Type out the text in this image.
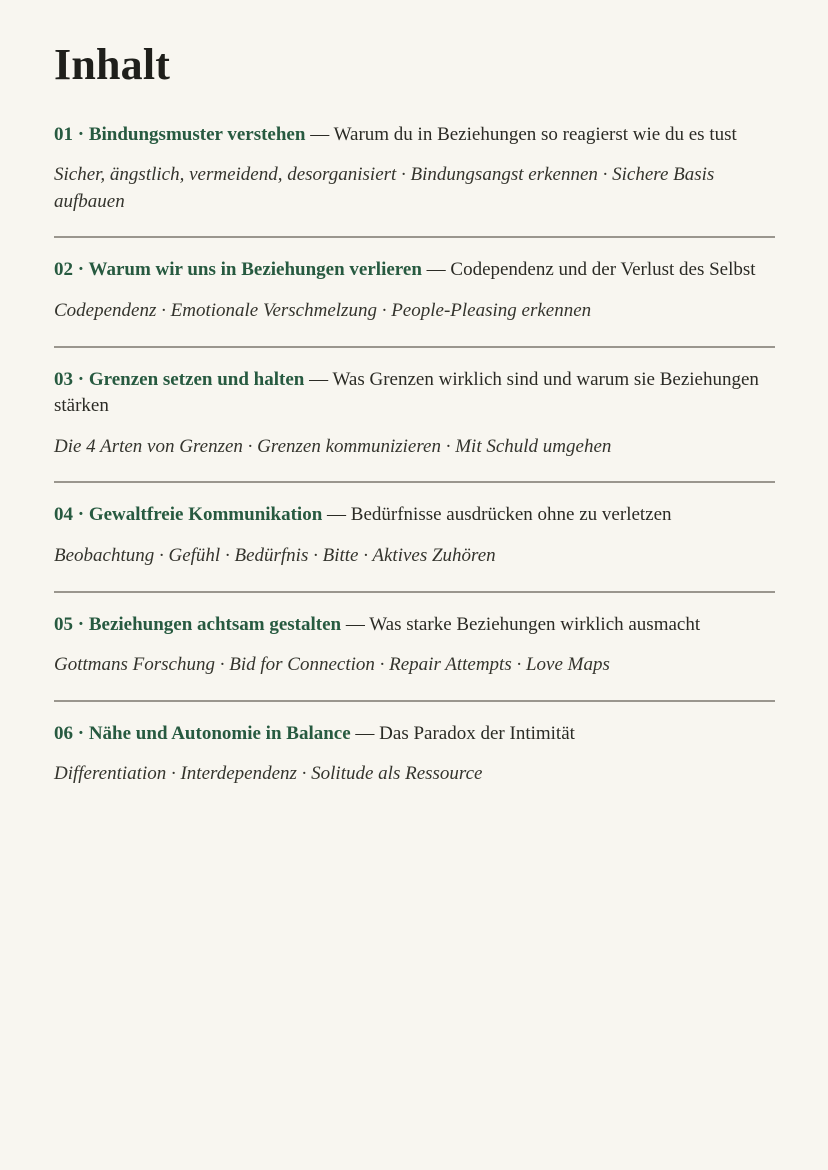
Inhalt

01 · Bindungsmuster verstehen — Warum du in Beziehungen so reagierst wie du es tust

Sicher, ängstlich, vermeidend, desorganisiert · Bindungsangst erkennen · Sichere Basis aufbauen

02 · Warum wir uns in Beziehungen verlieren — Codependenz und der Verlust des Selbst

Codependenz · Emotionale Verschmelzung · People-Pleasing erkennen

03 · Grenzen setzen und halten — Was Grenzen wirklich sind und warum sie Beziehungen stärken

Die 4 Arten von Grenzen · Grenzen kommunizieren · Mit Schuld umgehen

04 · Gewaltfreie Kommunikation — Bedürfnisse ausdrücken ohne zu verletzen

Beobachtung · Gefühl · Bedürfnis · Bitte · Aktives Zuhören

05 · Beziehungen achtsam gestalten — Was starke Beziehungen wirklich ausmacht

Gottmans Forschung · Bid for Connection · Repair Attempts · Love Maps

06 · Nähe und Autonomie in Balance — Das Paradox der Intimität

Differentiation · Interdependenz · Solitude als Ressource
